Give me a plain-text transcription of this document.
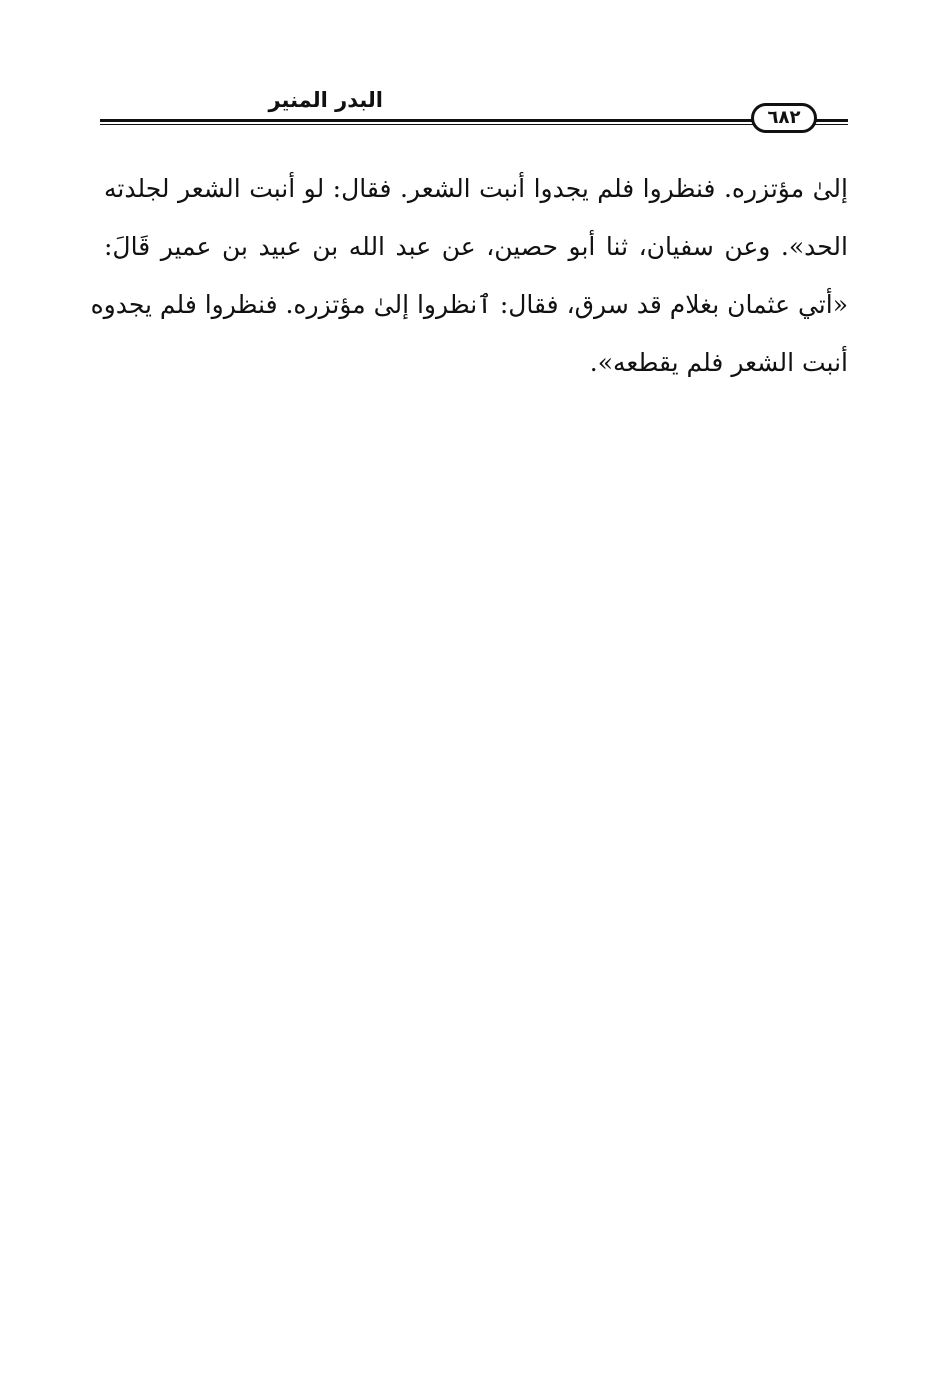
البدر المنير
٦٨٢
إلىٰ مؤتزره. فنظروا فلم يجدوا أنبت الشعر. فقال: لو أنبت الشعر لجلدته
الحد». وعن سفيان، ثنا أبو حصين، عن عبد الله بن عبيد بن عمير قَالَ:
«أتي عثمان بغلام قد سرق، فقال: ٱنظروا إلىٰ مؤتزره. فنظروا فلم يجدوه
أنبت الشعر فلم يقطعه».
